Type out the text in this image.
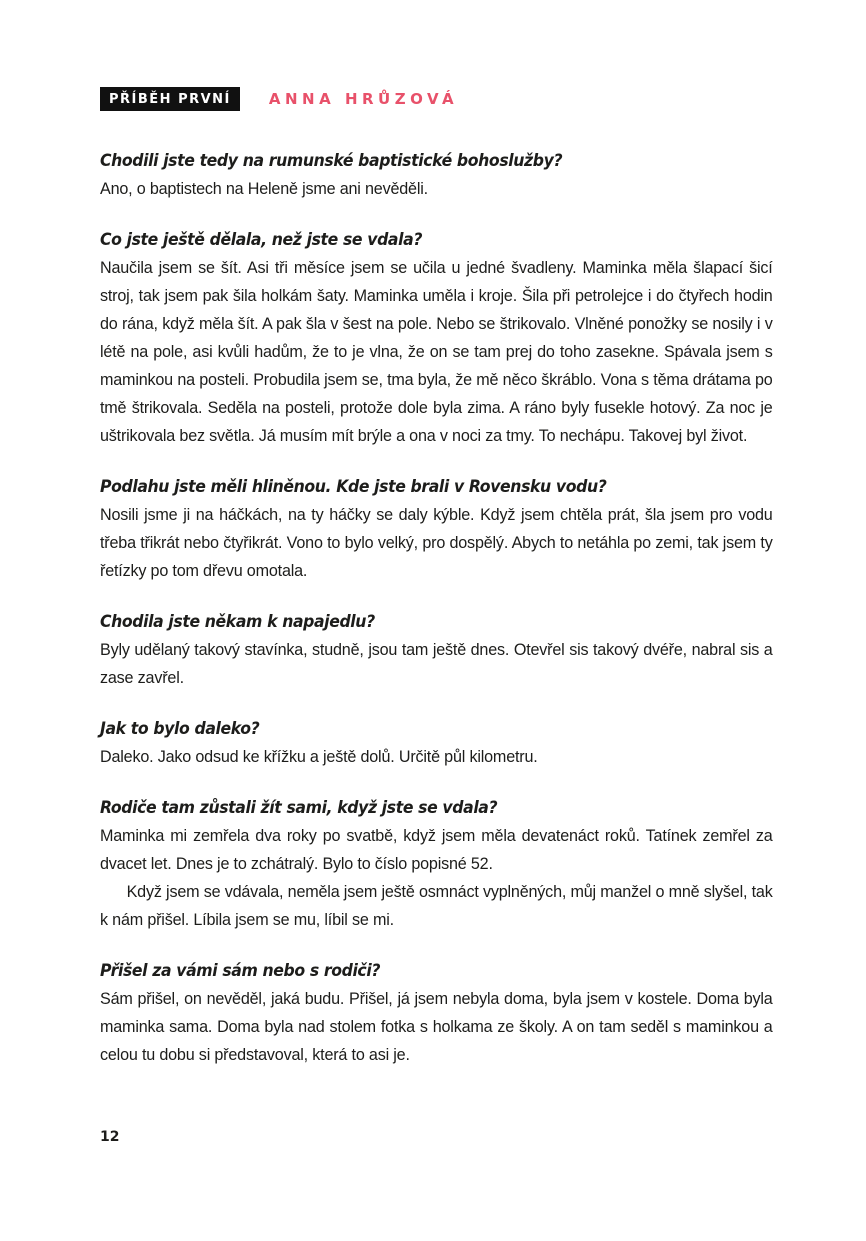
PŘÍBĚH PRVNÍ	ANNA HRŮZOVÁ
Chodili jste tedy na rumunské baptistické bohoslužby?

Ano, o baptistech na Heleně jsme ani nevěděli.

Co jste ještě dělala, než jste se vdala?

Naučila jsem se šít. Asi tři měsíce jsem se učila u jedné švadleny. Maminka měla šlapací šicí stroj, tak jsem pak šila holkám šaty. Maminka uměla i kroje. Šila při petrolejce i do čtyřech hodin do rána, když měla šít. A pak šla v šest na pole. Nebo se štrikovalo. Vlněné ponožky se nosily i v létě na pole, asi kvůli hadům, že to je vlna, že on se tam prej do toho zasekne. Spávala jsem s maminkou na posteli. Probudila jsem se, tma byla, že mě něco škráblo. Vona s těma drátama po tmě štrikovala. Seděla na posteli, protože dole byla zima. A ráno byly fusekle hotový. Za noc je uštrikovala bez světla. Já musím mít brýle a ona v noci za tmy. To nechápu. Takovej byl život.

Podlahu jste měli hliněnou. Kde jste brali v Rovensku vodu?

Nosili jsme ji na háčkách, na ty háčky se daly kýble. Když jsem chtěla prát, šla jsem pro vodu třeba třikrát nebo čtyřikrát. Vono to bylo velký, pro dospělý. Abych to netáhla po zemi, tak jsem ty řetízky po tom dřevu omotala.

Chodila jste někam k napajedlu?

Byly udělaný takový stavínka, studně, jsou tam ještě dnes. Otevřel sis takový dvéře, nabral sis a zase zavřel.

Jak to bylo daleko?

Daleko. Jako odsud ke křížku a ještě dolů. Určitě půl kilometru.

Rodiče tam zůstali žít sami, když jste se vdala?

Maminka mi zemřela dva roky po svatbě, když jsem měla devatenáct roků. Tatínek zemřel za dvacet let. Dnes je to zchátralý. Bylo to číslo popisné 52.

Když jsem se vdávala, neměla jsem ještě osmnáct vyplněných, můj manžel o mně slyšel, tak k nám přišel. Líbila jsem se mu, líbil se mi.

Přišel za vámi sám nebo s rodiči?

Sám přišel, on nevěděl, jaká budu. Přišel, já jsem nebyla doma, byla jsem v kostele. Doma byla maminka sama. Doma byla nad stolem fotka s holkama ze školy. A on tam seděl s maminkou a celou tu dobu si představoval, která to asi je.

12
